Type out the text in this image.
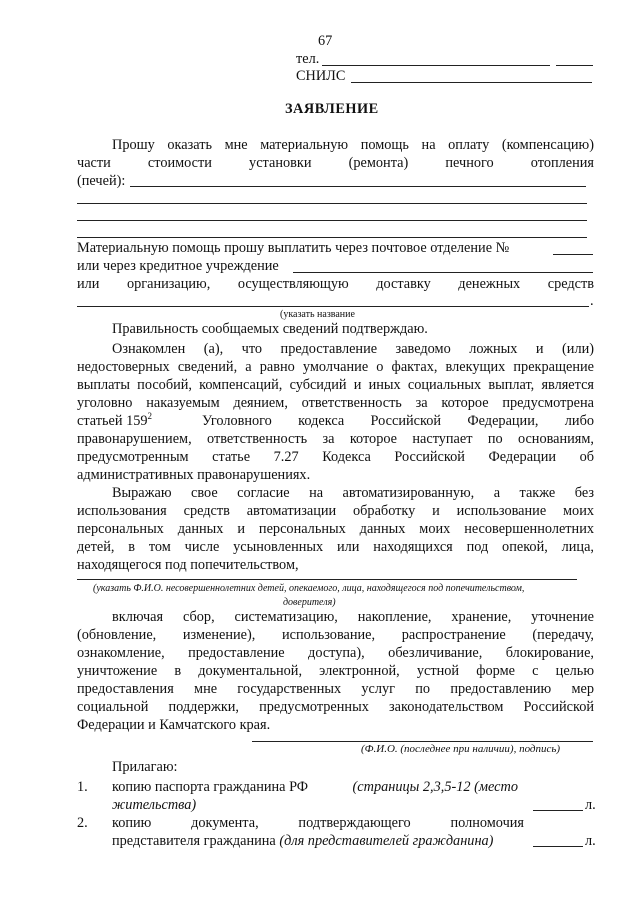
67
тел.
СНИЛС
ЗАЯВЛЕНИЕ
Прошу оказать мне материальную помощь на оплату (компенсацию)
части стоимости установки (ремонта) печного отопления
(печей):
Материальную помощь прошу выплатить через почтовое отделение №
или через кредитное учреждение
или организацию, осуществляющую доставку денежных средств
.
(указать название
Правильность сообщаемых сведений подтверждаю.
Ознакомлен (а), что предоставление заведомо ложных и (или)
недостоверных сведений, а равно умолчание о фактах, влекущих прекращение
выплаты пособий, компенсаций, субсидий и иных социальных выплат, является
уголовно наказуемым деянием, ответственность за которое предусмотрена
статьей $159^2$	Уголовного кодекса Российской Федерации, либо
правонарушением, ответственность за которое наступает по основаниям,
предусмотренным статье 7.27 Кодекса Российской Федерации об
административных правонарушениях.
Выражаю свое согласие на автоматизированную, а также без
использования средств автоматизации обработку и использование моих
персональных данных и персональных данных моих несовершеннолетних
детей, в том числе усыновленных или находящихся под опекой, лица,
находящегося под попечительством,
(указать Ф.И.О. несовершеннолетних детей, опекаемого, лица, находящегося под попечительством,
доверителя)
включая сбор, систематизацию, накопление, хранение, уточнение
(обновление, изменение), использование, распространение (передачу,
ознакомление, предоставление доступа), обезличивание, блокирование,
уничтожение в документальной, электронной, устной форме с целью
предоставления мне государственных услуг по предоставлению мер
социальной поддержки, предусмотренных законодательством Российской
Федерации и Камчатского края.
(Ф.И.О. (последнее при наличии), подпись)
Прилагаю:
1. копию паспорта гражданина РФ	(страницы 2,3,5-12 (место
жительства)	л.
2. копию документа, подтверждающего полномочия
представителя гражданина (для представителей гражданина)	л.
